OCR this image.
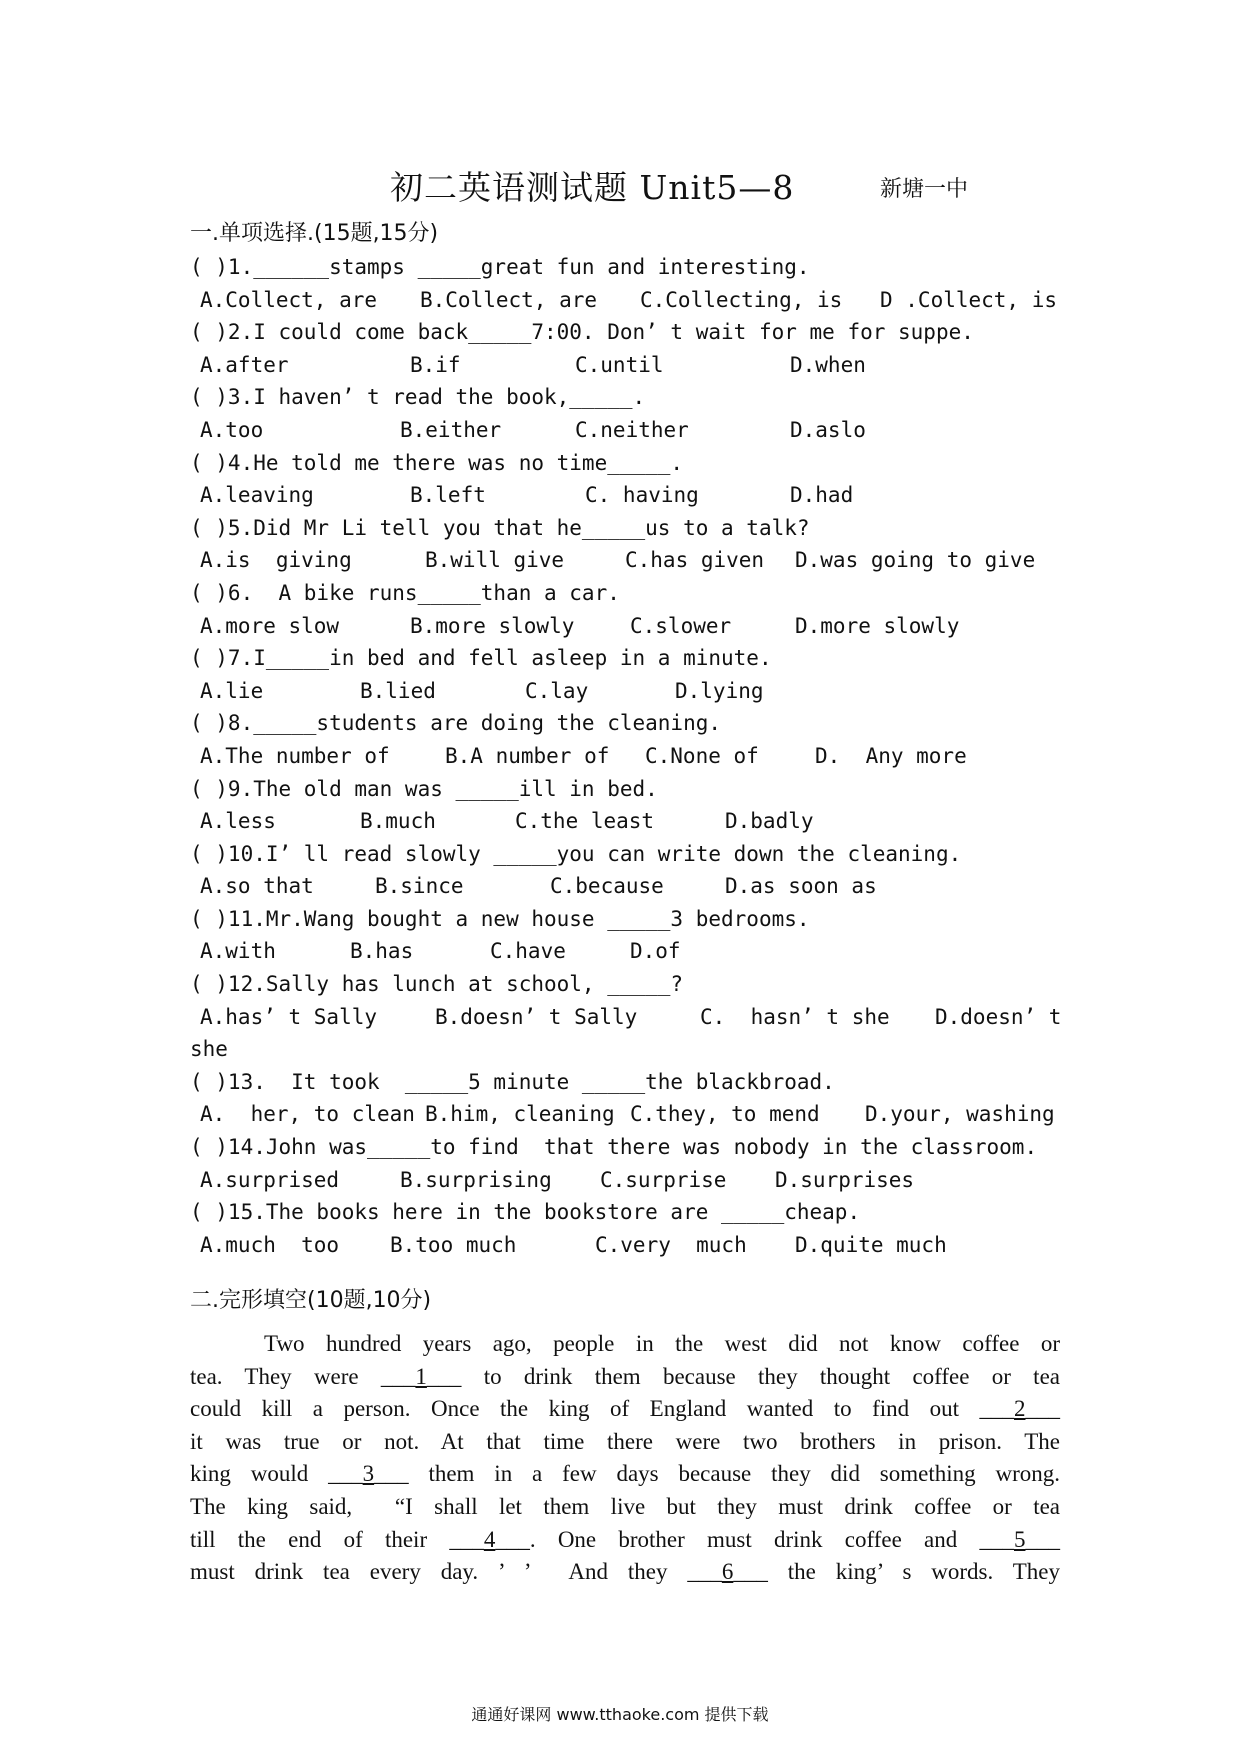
初二英语测试题 Unit5—8	新塘一中
一.单项选择.(15题,15分)
( )1.______stamps _____great fun and interesting.
A.Collect, are B.Collect, are C.Collecting, is D .Collect, is
( )2.I could come back_____7:00. Don’ t wait for me for suppe.
A.after	B.if	C.until	D.when
( )3.I haven’ t read the book,_____.
A.too	B.either	C.neither	D.aslo
( )4.He told me there was no time_____.
A.leaving	B.left	C. having	D.had
( )5.Did Mr Li tell you that he_____us to a talk?
A.is  giving	B.will give	C.has given D.was going to give
( )6.  A bike runs_____than a car.
A.more slow	B.more slowly	C.slower	D.more slowly
( )7.I_____in bed and fell asleep in a minute.
A.lie	B.lied	C.lay	D.lying
( )8._____students are doing the cleaning.
A.The number of	B.A number of C.None of	D.  Any more
( )9.The old man was _____ill in bed.
A.less	B.much	C.the least	D.badly
( )10.I’ ll read slowly _____you can write down the cleaning.
A.so that	B.since	C.because	D.as soon as
( )11.Mr.Wang bought a new house _____3 bedrooms.
A.with	B.has	C.have	D.of
( )12.Sally has lunch at school, _____?
A.has’ t Sally	B.doesn’ t Sally	C.  hasn’ t she D.doesn’ t
she
( )13.  It took  _____5 minute _____the blackbroad.
A.  her, to clean B.him, cleaning C.they, to mend D.your, washing
( )14.John was_____to find  that there was nobody in the classroom.
A.surprised	B.surprising C.surprise D.surprises
( )15.The books here in the bookstore are _____cheap.
A.much  too B.too much	C.very  much D.quite much
二.完形填空(10题,10分)
Two hundred years ago, people in the west did not know coffee or
tea. They were ___1___ to drink them because they thought coffee or tea
could kill a person. Once the king of England wanted to find out ___2___
it was true or not. At that time there were two brothers in prison. The
king would ___3___ them in a few days because they did something wrong.
The king said,  “I shall let them live but they must drink coffee or tea
till the end of their ___4___. One brother must drink coffee and ___5___
must drink tea every day. ’ ’  And they ___6___ the king’ s words. They
通通好课网 www.tthaoke.com 提供下载
